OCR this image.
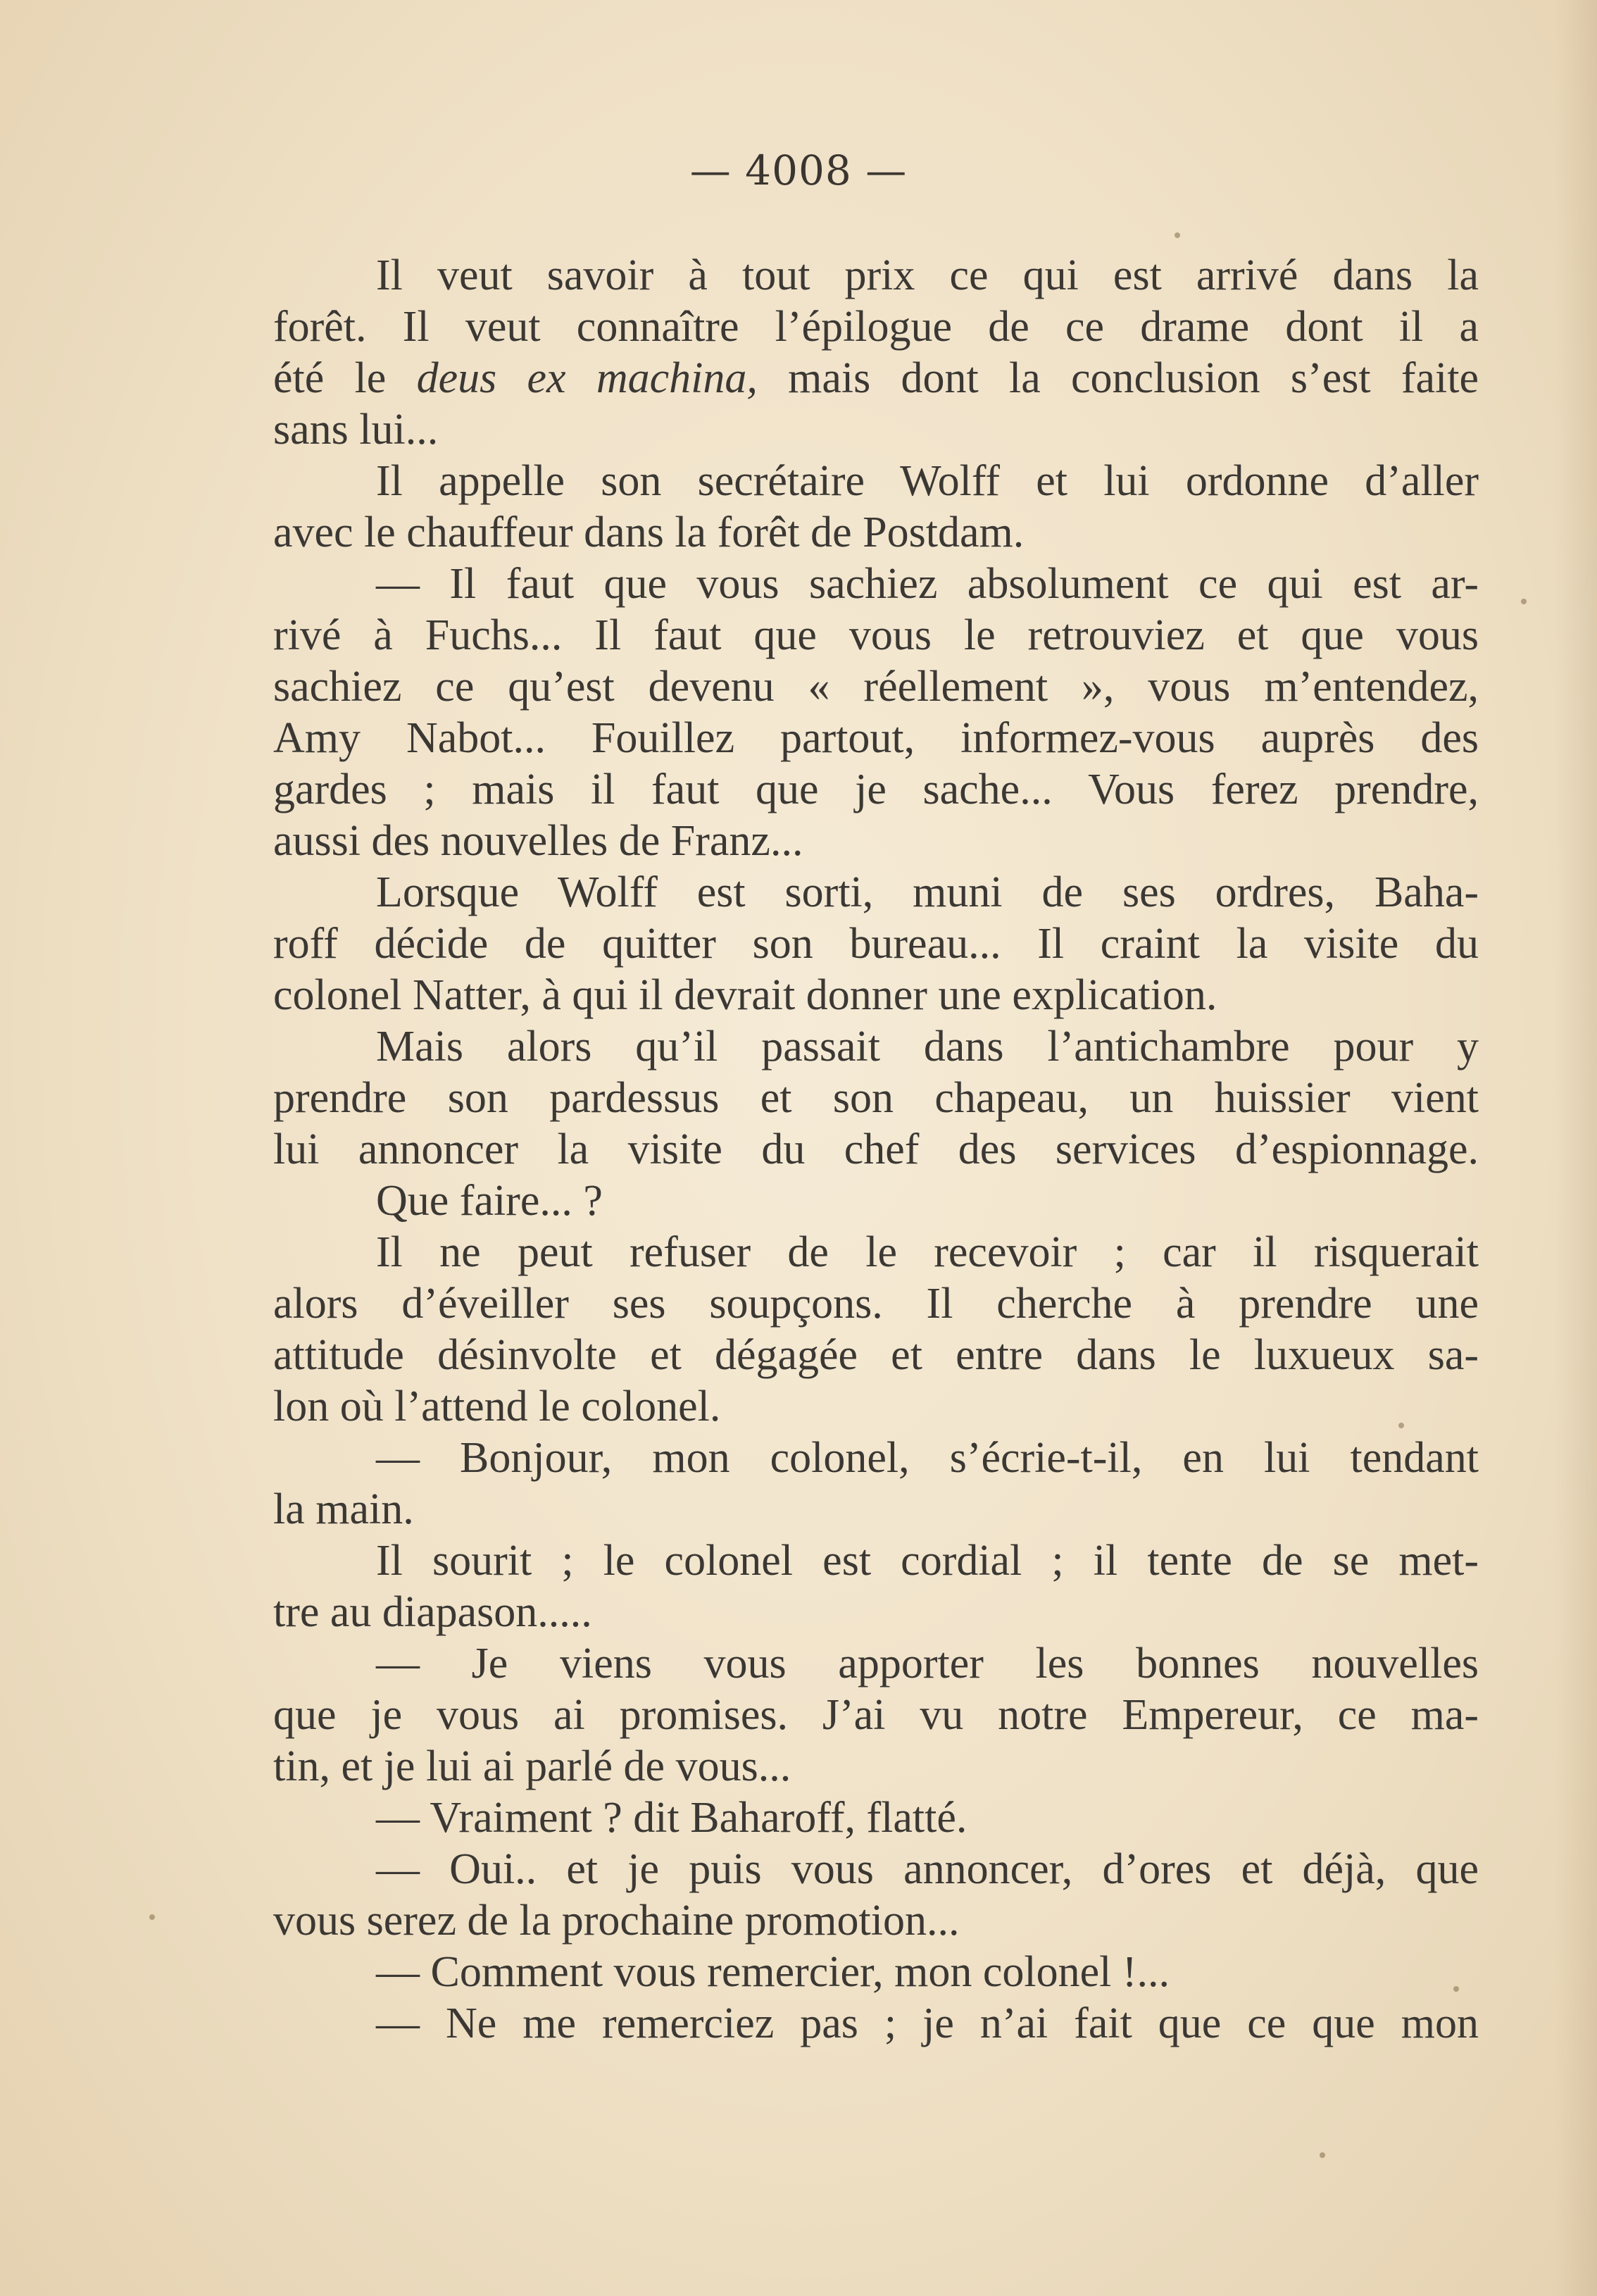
— 4008 —
Il veut savoir à tout prix ce qui est arrivé dans la
forêt. Il veut connaître l’épilogue de ce drame dont il a
été le deus ex machina, mais dont la conclusion s’est faite
sans lui...
Il appelle son secrétaire Wolff et lui ordonne d’aller
avec le chauffeur dans la forêt de Postdam.
— Il faut que vous sachiez absolument ce qui est ar-
rivé à Fuchs... Il faut que vous le retrouviez et que vous
sachiez ce qu’est devenu « réellement », vous m’entendez,
Amy Nabot... Fouillez partout, informez-vous auprès des
gardes ; mais il faut que je sache... Vous ferez prendre,
aussi des nouvelles de Franz...
Lorsque Wolff est sorti, muni de ses ordres, Baha-
roff décide de quitter son bureau... Il craint la visite du
colonel Natter, à qui il devrait donner une explication.
Mais alors qu’il passait dans l’antichambre pour y
prendre son pardessus et son chapeau, un huissier vient
lui annoncer la visite du chef des services d’espionnage.
Que faire... ?
Il ne peut refuser de le recevoir ; car il risquerait
alors d’éveiller ses soupçons. Il cherche à prendre une
attitude désinvolte et dégagée et entre dans le luxueux sa-
lon où l’attend le colonel.
— Bonjour, mon colonel, s’écrie-t-il, en lui tendant
la main.
Il sourit ; le colonel est cordial ; il tente de se met-
tre au diapason.....
— Je viens vous apporter les bonnes nouvelles
que je vous ai promises. J’ai vu notre Empereur, ce ma-
tin, et je lui ai parlé de vous...
— Vraiment ? dit Baharoff, flatté.
— Oui.. et je puis vous annoncer, d’ores et déjà, que
vous serez de la prochaine promotion...
— Comment vous remercier, mon colonel !...
— Ne me remerciez pas ; je n’ai fait que ce que mon
